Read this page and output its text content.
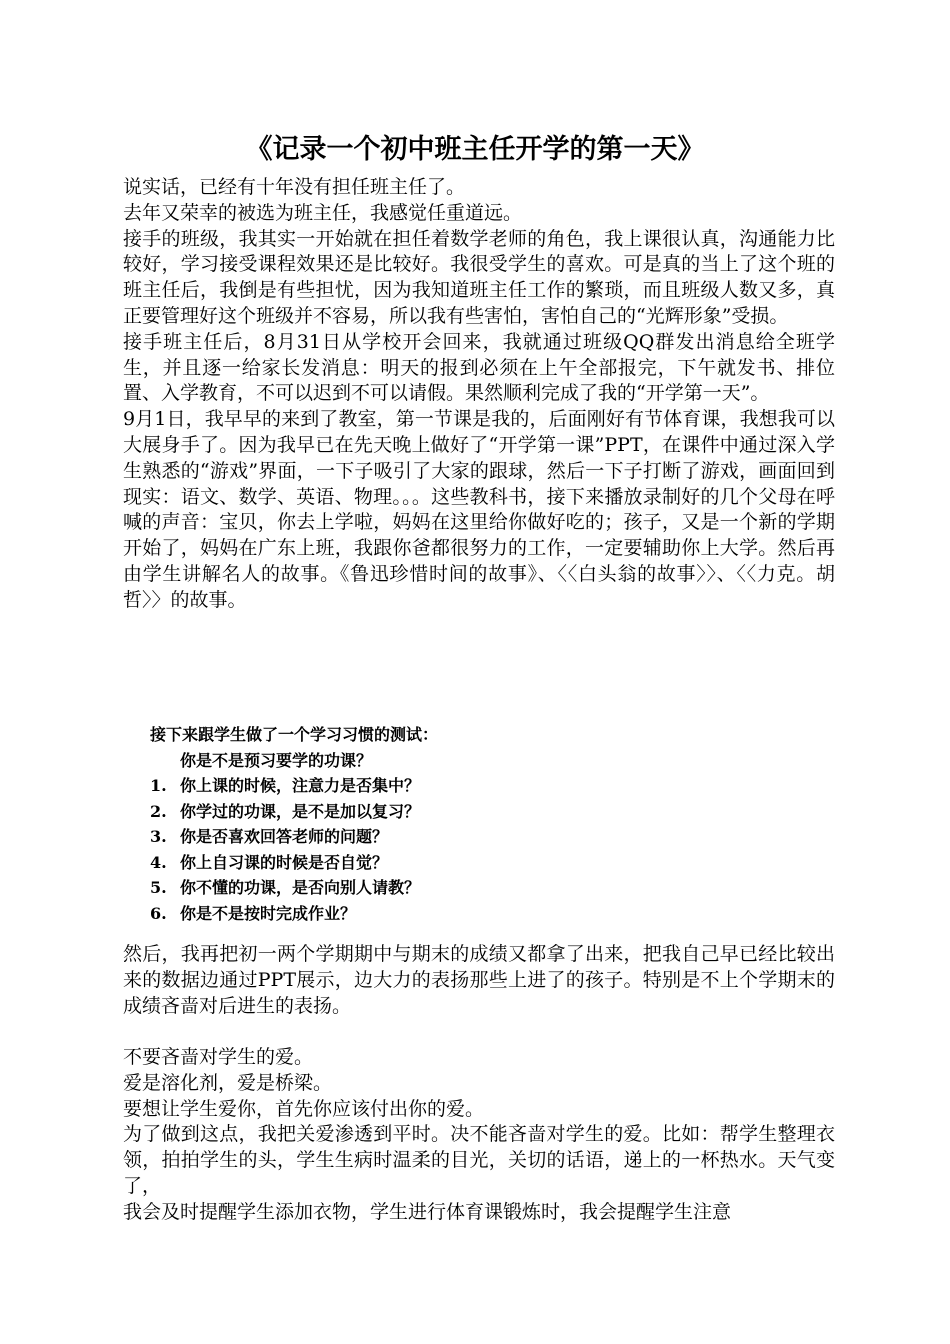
《记录一个初中班主任开学的第一天》

说实话，已经有十年没有担任班主任了。

去年又荣幸的被选为班主任，我感觉任重道远。

接手的班级，我其实一开始就在担任着数学老师的角色，我上课很认真，沟通能力比较好，学习接受课程效果还是比较好。我很受学生的喜欢。可是真的当上了这个班的班主任后，我倒是有些担忧，因为我知道班主任工作的繁琐，而且班级人数又多，真正要管理好这个班级并不容易，所以我有些害怕，害怕自己的“光辉形象”受损。

接手班主任后，8月31日从学校开会回来，我就通过班级QQ群发出消息给全班学生，并且逐一给家长发消息：明天的报到必须在上午全部报完，下午就发书、排位置、入学教育，不可以迟到不可以请假。果然顺利完成了我的“开学第一天”。

9月1日，我早早的来到了教室，第一节课是我的，后面刚好有节体育课，我想我可以大展身手了。因为我早已在先天晚上做好了“开学第一课”PPT，在课件中通过深入学生熟悉的“游戏”界面，一下子吸引了大家的跟球，然后一下子打断了游戏，画面回到现实：语文、数学、英语、物理。。。这些教科书，接下来播放录制好的几个父母在呼喊的声音：宝贝，你去上学啦，妈妈在这里给你做好吃的；孩子，又是一个新的学期开始了，妈妈在广东上班，我跟你爸都很努力的工作，一定要辅助你上大学。然后再由学生讲解名人的故事。《鲁迅珍惜时间的故事》、〈〈白头翁的故事〉〉、〈〈力克。胡哲〉〉的故事。

接下来跟学生做了一个学习习惯的测试：

你是不是预习要学的功课？

1. 你上课的时候，注意力是否集中？
2. 你学过的功课，是不是加以复习？
3. 你是否喜欢回答老师的问题？
4. 你上自习课的时候是否自觉？
5. 你不懂的功课，是否向别人请教？
6. 你是不是按时完成作业？

然后，我再把初一两个学期期中与期末的成绩又都拿了出来，把我自己早已经比较出来的数据边通过PPT展示，边大力的表扬那些上进了的孩子。特别是不上个学期末的成绩吝啬对后进生的表扬。

不要吝啬对学生的爱。

爱是溶化剂，爱是桥梁。

要想让学生爱你，首先你应该付出你的爱。

为了做到这点，我把关爱渗透到平时。决不能吝啬对学生的爱。比如：帮学生整理衣领，拍拍学生的头，学生生病时温柔的目光，关切的话语，递上的一杯热水。天气变了，

我会及时提醒学生添加衣物，学生进行体育课锻炼时，我会提醒学生注意
